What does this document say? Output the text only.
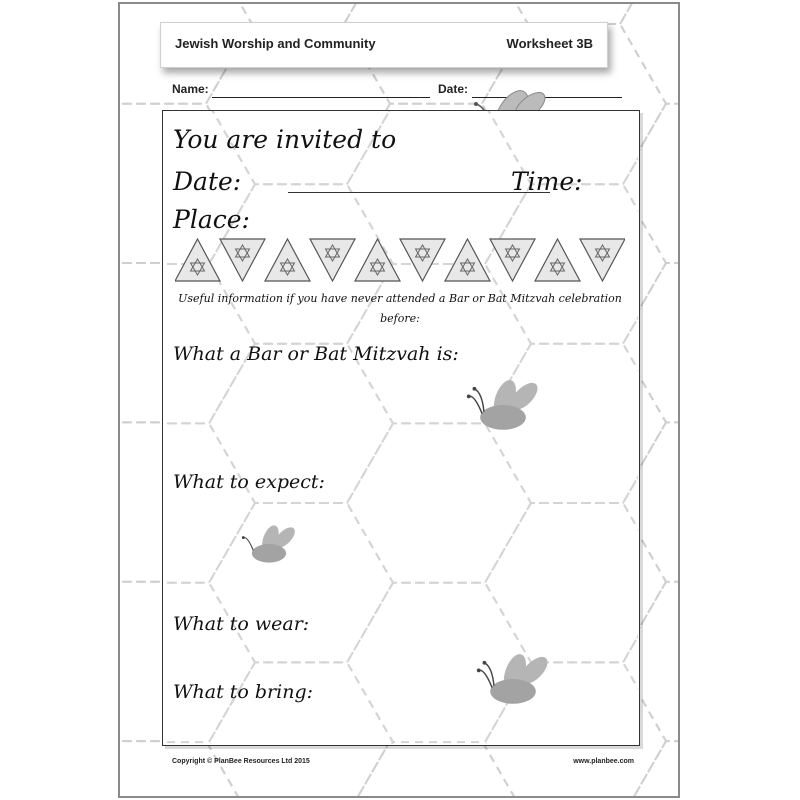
Jewish Worship and Community	Worksheet 3B
Name:	Date:
You are invited to
Date:	Time:
Place:
Useful information if you have never attended a Bar or Bat Mitzvah celebration before:
What a Bar or Bat Mitzvah is:
What to expect:
What to wear:
What to bring:
Copyright © PlanBee Resources Ltd 2015	www.planbee.com
